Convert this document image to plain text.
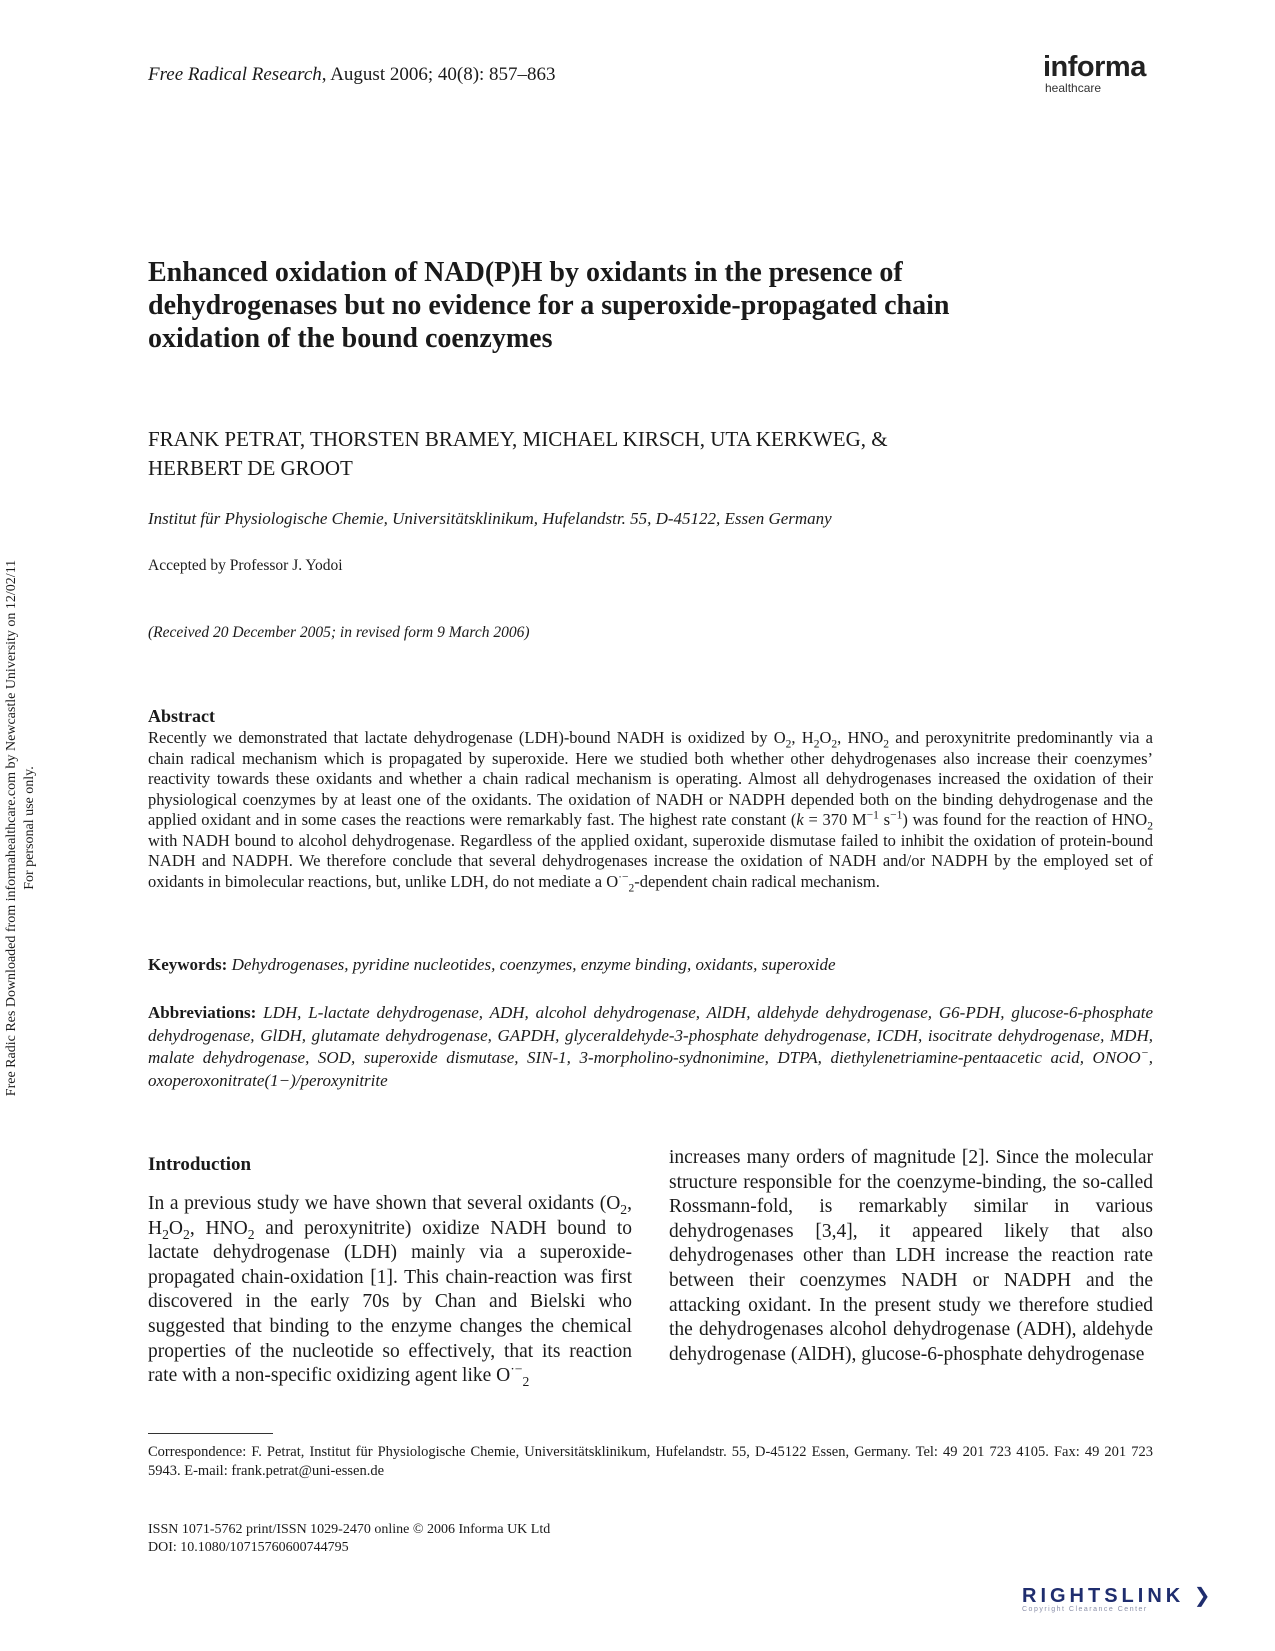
Free Radical Research, August 2006; 40(8): 857–863	informa
healthcare
Free Radic Res Downloaded from informahealthcare.com by Newcastle University on 12/02/11 For personal use only.
Enhanced oxidation of NAD(P)H by oxidants in the presence of
dehydrogenases but no evidence for a superoxide-propagated chain
oxidation of the bound coenzymes
FRANK PETRAT, THORSTEN BRAMEY, MICHAEL KIRSCH, UTA KERKWEG, &
HERBERT DE GROOT
Institut für Physiologische Chemie, Universitätsklinikum, Hufelandstr. 55, D-45122, Essen Germany
Accepted by Professor J. Yodoi
(Received 20 December 2005; in revised form 9 March 2006)
Abstract
Recently we demonstrated that lactate dehydrogenase (LDH)-bound NADH is oxidized by $O_2$, $H_2O_2$, $HNO_2$ and peroxynitrite predominantly via a chain radical mechanism which is propagated by superoxide. Here we studied both whether other dehydrogenases also increase their coenzymes’ reactivity towards these oxidants and whether a chain radical mechanism is operating. Almost all dehydrogenases increased the oxidation of their physiological coenzymes by at least one of the oxidants. The oxidation of NADH or NADPH depended both on the binding dehydrogenase and the applied oxidant and in some cases the reactions were remarkably fast. The highest rate constant (k = 370 $M^{-1}$ $s^{-1}$) was found for the reaction of $HNO_2$ with NADH bound to alcohol dehydrogenase. Regardless of the applied oxidant, superoxide dismutase failed to inhibit the oxidation of protein-bound NADH and NADPH. We therefore conclude that several dehydrogenases increase the oxidation of NADH and/or NADPH by the employed set of oxidants in bimolecular reactions, but, unlike LDH, do not mediate a $O^{\cdot-}_2$-dependent chain radical mechanism.
Keywords: Dehydrogenases, pyridine nucleotides, coenzymes, enzyme binding, oxidants, superoxide
Abbreviations: LDH, L-lactate dehydrogenase, ADH, alcohol dehydrogenase, AlDH, aldehyde dehydrogenase, G6-PDH, glucose-6-phosphate dehydrogenase, GlDH, glutamate dehydrogenase, GAPDH, glyceraldehyde-3-phosphate dehydrogenase, ICDH, isocitrate dehydrogenase, MDH, malate dehydrogenase, SOD, superoxide dismutase, SIN-1, 3-morpholino-sydnonimine, DTPA, diethylenetriamine-pentaacetic acid, ONOO−, oxoperoxonitrate(1−)/peroxynitrite
Introduction
In a previous study we have shown that several oxidants ($O_2$, $H_2O_2$, $HNO_2$ and peroxynitrite) oxidize NADH bound to lactate dehydrogenase (LDH) mainly via a superoxide-propagated chain-oxidation [1]. This chain-reaction was first discovered in the early 70s by Chan and Bielski who suggested that binding to the enzyme changes the chemical properties of the nucleotide so effectively, that its reaction rate with a non-specific oxidizing agent like $O^{\cdot-}_2$
increases many orders of magnitude [2]. Since the molecular structure responsible for the coenzyme-binding, the so-called Rossmann-fold, is remarkably similar in various dehydrogenases [3,4], it appeared likely that also dehydrogenases other than LDH increase the reaction rate between their coenzymes NADH or NADPH and the attacking oxidant. In the present study we therefore studied the dehydrogenases alcohol dehydrogenase (ADH), aldehyde dehydrogenase (AlDH), glucose-6-phosphate dehydrogenase
Correspondence: F. Petrat, Institut für Physiologische Chemie, Universitätsklinikum, Hufelandstr. 55, D-45122 Essen, Germany. Tel: 49 201 723 4105. Fax: 49 201 723 5943. E-mail: frank.petrat@uni-essen.de
ISSN 1071-5762 print/ISSN 1029-2470 online © 2006 Informa UK Ltd
DOI: 10.1080/10715760600744795
RIGHTSLINK ❯
Copyright Clearance Center
